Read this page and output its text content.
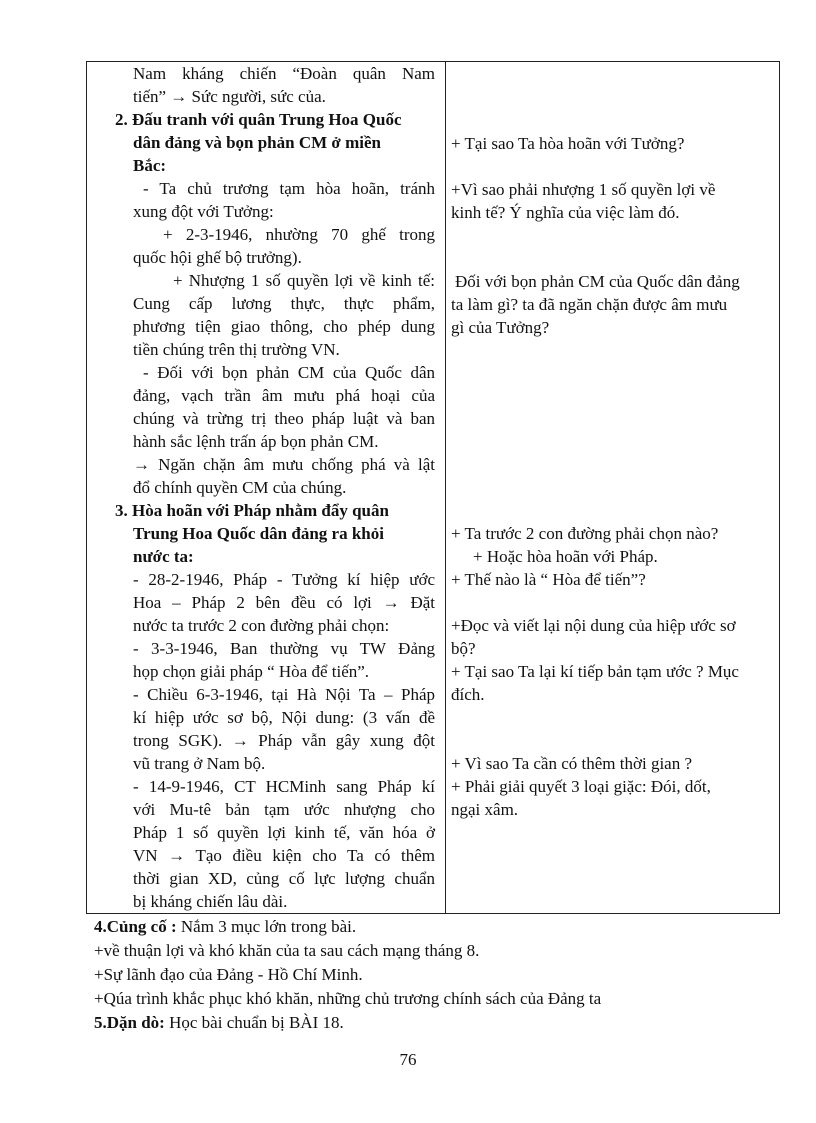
Nam kháng chiến “Đoàn quân Nam
tiến” → Sức người, sức của.
2. Đấu tranh với quân Trung Hoa Quốc
dân đảng và bọn phản CM ở miền
Bắc:
- Ta chủ trương tạm hòa hoãn, tránh
xung đột với Tưởng:
+ 2-3-1946, nhường 70 ghế trong
quốc hội ghế bộ trưởng).
+ Nhượng 1 số quyền lợi về kinh tế:
Cung cấp lương thực, thực phẩm,
phương tiện giao thông, cho phép dung
tiền chúng trên thị trường VN.
- Đối với bọn phản CM của Quốc dân
đảng, vạch trần âm mưu phá hoại của
chúng và trừng trị theo pháp luật và ban
hành sắc lệnh trấn áp bọn phản CM.
→ Ngăn chặn âm mưu chống phá và lật
đổ chính quyền CM của chúng.
3. Hòa hoãn với Pháp nhằm đẩy quân
Trung Hoa Quốc dân đảng ra khỏi
nước ta:
- 28-2-1946, Pháp - Tưởng kí hiệp ước
Hoa – Pháp 2 bên đều có lợi → Đặt
nước ta trước 2 con đường phải chọn:
- 3-3-1946, Ban thường vụ TW Đảng
họp chọn giải pháp “ Hòa để tiến”.
- Chiều 6-3-1946, tại Hà Nội Ta – Pháp
kí hiệp ước sơ bộ, Nội dung: (3 vấn đề
trong SGK). → Pháp vẫn gây xung đột
vũ trang ở Nam bộ.
- 14-9-1946, CT HCMinh sang Pháp kí
với Mu-tê bản tạm ước nhượng cho
Pháp 1 số quyền lợi kinh tế, văn hóa ở
VN → Tạo điều kiện cho Ta có thêm
thời gian XD, củng cố lực lượng chuẩn
bị kháng chiến lâu dài.
+ Tại sao Ta hòa hoãn với Tưởng?
+Vì sao phải nhượng 1 số quyền lợi về
kinh tế? Ý nghĩa của việc làm đó.
Đối với bọn phản CM của Quốc dân đảng
ta làm gì? ta đã ngăn chặn được âm mưu
gì của Tưởng?
+ Ta trước 2 con đường phải chọn nào?
+ Hoặc hòa hoãn với Pháp.
+ Thế nào là “ Hòa để tiến”?
+Đọc và viết lại nội dung của hiệp ước sơ
bộ?
+ Tại sao Ta lại kí tiếp bản tạm ước ? Mục
đích.
+ Vì sao Ta cần có thêm thời gian ?
+ Phải giải quyết 3 loại giặc: Đói, dốt,
ngại xâm.
4.Củng cố : Nắm 3 mục lớn trong bài.
+về thuận lợi và khó khăn của ta sau cách mạng tháng 8.
+Sự lãnh đạo của Đảng - Hồ Chí Minh.
+Qúa trình khắc phục khó khăn, những chủ trương chính sách của Đảng ta
5.Dặn dò: Học bài chuẩn bị BÀI 18.
76
